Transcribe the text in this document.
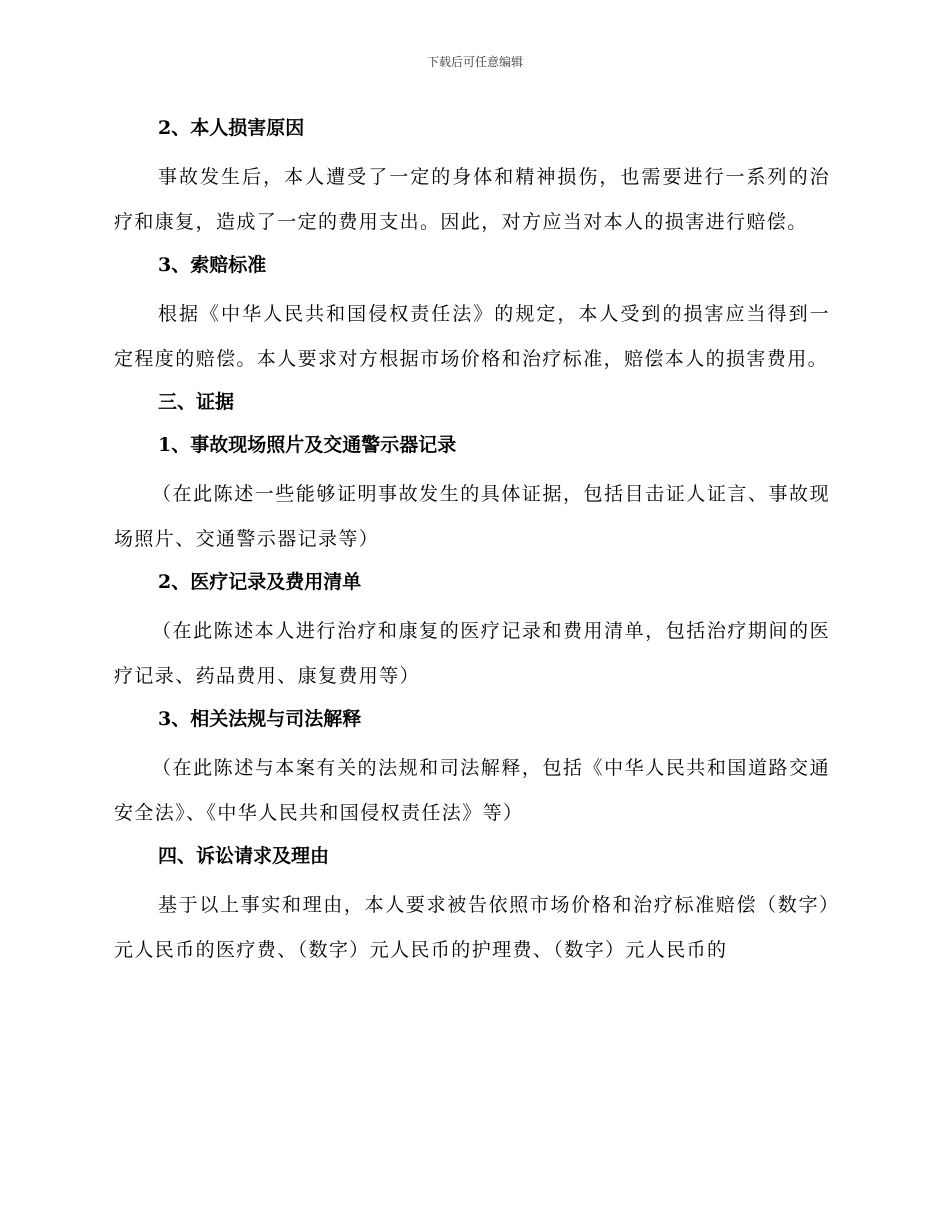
下载后可任意编辑
2、本人损害原因
事故发生后，本人遭受了一定的身体和精神损伤，也需要进行一系列的治疗和康复，造成了一定的费用支出。因此，对方应当对本人的损害进行赔偿。
3、索赔标准
根据《中华人民共和国侵权责任法》的规定，本人受到的损害应当得到一定程度的赔偿。本人要求对方根据市场价格和治疗标准，赔偿本人的损害费用。
三、证据
1、事故现场照片及交通警示器记录
（在此陈述一些能够证明事故发生的具体证据，包括目击证人证言、事故现场照片、交通警示器记录等）
2、医疗记录及费用清单
（在此陈述本人进行治疗和康复的医疗记录和费用清单，包括治疗期间的医疗记录、药品费用、康复费用等）
3、相关法规与司法解释
（在此陈述与本案有关的法规和司法解释，包括《中华人民共和国道路交通安全法》、《中华人民共和国侵权责任法》等）
四、诉讼请求及理由
基于以上事实和理由，本人要求被告依照市场价格和治疗标准赔偿（数字）元人民币的医疗费、（数字）元人民币的护理费、（数字）元人民币的
